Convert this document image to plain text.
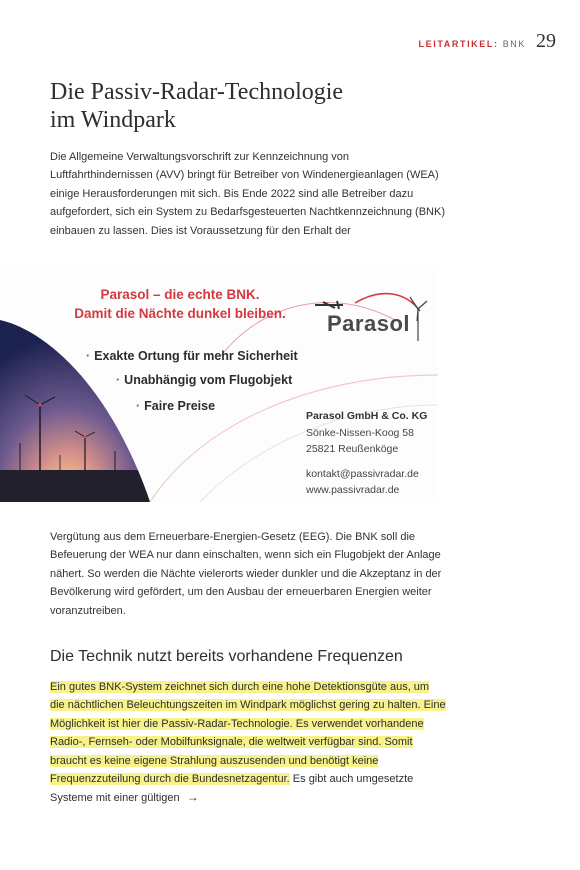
LEITARTIKEL: BNK 29
Die Passiv-Radar-Technologie
im Windpark

Die Allgemeine Verwaltungsvorschrift zur Kennzeichnung von Luftfahrthindernissen (AVV) bringt für Betreiber von Windenergieanlagen (WEA) einige Herausforderungen mit sich. Bis Ende 2022 sind alle Betreiber dazu aufgefordert, sich ein System zu Bedarfsgesteuerten Nachtkennzeichnung (BNK) einbauen zu lassen. Dies ist Voraussetzung für den Erhalt der

Parasol – die echte BNK.
Damit die Nächte dunkel bleiben.	Parasol
· Exakte Ortung für mehr Sicherheit
· Unabhängig vom Flugobjekt
· Faire Preise
Parasol GmbH & Co. KG
Sönke-Nissen-Koog 58
25821 Reußenköge
kontakt@passivradar.de
www.passivradar.de

Vergütung aus dem Erneuerbare-Energien-Gesetz (EEG). Die BNK soll die Befeuerung der WEA nur dann einschalten, wenn sich ein Flugobjekt der Anlage nähert. So werden die Nächte vielerorts wieder dunkler und die Akzeptanz in der Bevölkerung wird gefördert, um den Ausbau der erneuerbaren Energien weiter voranzutreiben.

Die Technik nutzt bereits vorhandene Frequenzen

Ein gutes BNK-System zeichnet sich durch eine hohe Detektionsgüte aus, um die nächtlichen Beleuchtungszeiten im Windpark möglichst gering zu halten. Eine Möglichkeit ist hier die Passiv-Radar-Technologie. Es verwendet vorhandene Radio-, Fernseh- oder Mobilfunksignale, die weltweit verfügbar sind. Somit braucht es keine eigene Strahlung auszusenden und benötigt keine Frequenzzuteilung durch die Bundesnetzagentur. Es gibt auch umgesetzte Systeme mit einer gültigen →
